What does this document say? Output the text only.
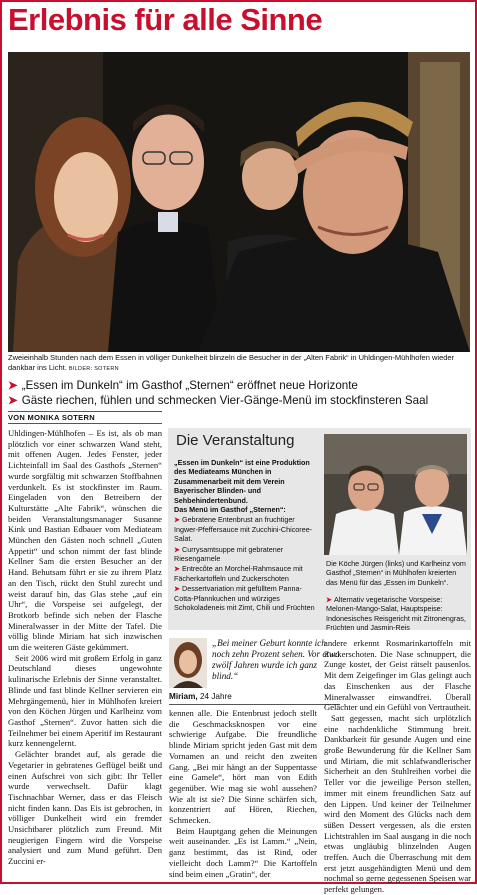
Erlebnis für alle Sinne
Zweieinhalb Stunden nach dem Essen in völliger Dunkelheit blinzeln die Besucher in der „Alten Fabrik“ in Uhldingen-Mühlhofen wieder dankbar ins Licht. BILDER: SOTERN
➤ „Essen im Dunkeln“ im Gasthof „Sternen“ eröffnet neue Horizonte
➤ Gäste riechen, fühlen und schmecken Vier-Gänge-Menü im stockfinsteren Saal
VON MONIKA SOTERN

Uhldingen-Mühlhofen – Es ist, als ob man plötzlich vor einer schwarzen Wand steht, mit offenen Augen. Jedes Fenster, jeder Lichteinfall im Saal des Gasthofs „Sternen“ wurde sorgfältig mit schwarzen Stoffbahnen verdunkelt. Es ist stockfinster im Raum. Eingeladen von den Betreibern der Kulturstätte „Alte Fabrik“, wünschen die beiden Veranstaltungsmanager Susanne Kink und Bastian Edbauer vom Mediateam München den Gästen noch schnell „Guten Appetit“ und schon nimmt der fast blinde Kellner Sam die ersten Besucher an der Hand. Behutsam führt er sie zu ihrem Platz an den Tisch, rückt den Stuhl zurecht und weist darauf hin, das Glas stehe „auf ein Uhr“, die Vorspeise sei aufgelegt, der Brotkorb befinde sich neben der Flasche Mineralwasser in der Mitte der Tafel. Die völlig blinde Miriam hat sich inzwischen um die weiteren Gäste gekümmert.

Seit 2006 wird mit großem Erfolg in ganz Deutschland dieses ungewohnte kulinarische Erlebnis der Sinne veranstaltet. Blinde und fast blinde Kellner servieren ein Mehrgängemenü, hier in Mühlhofen kreiert von den Köchen Jürgen und Karlheinz vom Gasthof „Sternen“. Zuvor hatten sich die Teilnehmer bei einem Aperitif im Restaurant kurz kennengelernt.

Gelächter brandet auf, als gerade die Vegetarier in gebratenes Geflügel beißt und einen Aufschrei von sich gibt: Ihr Teller wurde verwechselt. Dafür klagt Tischnachbar Werner, dass er das Fleisch nicht finden kann. Das Eis ist gebrochen, in völliger Dunkelheit wird ein fremder Unsichtbarer plötzlich zum Freund. Mit neugierigen Fingern wird die Vorspeise analysiert und zum Mund geführt. Den Zuccini er-

Die Veranstaltung
„Essen im Dunkeln“ ist eine Produktion des Mediateams München in Zusammenarbeit mit dem Verein Bayerischer Blinden- und Sehbehindertenbund.
Das Menü im Gasthof „Sternen“:
➤ Gebratene Entenbrust an fruchtiger Ingwer-Pfeffersauce mit Zucchini-Chicoree-Salat.
➤ Currysamtsuppe mit gebratener Riesengarnele
➤ Entrecôte an Morchel-Rahmsauce mit Fächerkartoffeln und Zuckerschoten
➤ Dessertvariation mit gefülltem Panna-Cotta-Pfannkuchen und würziges Schokoladeneis mit Zimt, Chili und Früchten
Die Köche Jürgen (links) und Karlheinz vom Gasthof „Sternen“ in Mühlhofen kreierten das Menü für das „Essen im Dunkeln“.
➤ Alternativ vegetarische Vorspeise: Melonen-Mango-Salat, Hauptspeise: Indonesisches Reisgericht mit Zitronengras, Früchten und Jasmin-Reis
„Bei meiner Geburt konnte ich noch zehn Prozent sehen. Vor etwa zwölf Jahren wurde ich ganz blind.“
Miriam, 24 Jahre

kennen alle. Die Entenbrust jedoch stellt die Geschmacksknospen vor eine schwierige Aufgabe. Die freundliche blinde Miriam spricht jeden Gast mit dem Vornamen an und reicht den zweiten Gang. „Bei mir hängt an der Suppentasse eine Gamele“, hört man von Edith gegenüber. Wie mag sie wohl aussehen? Wie alt ist sie? Die Sinne schärfen sich, konzentriert auf Hören, Riechen, Schmecken.

Beim Hauptgang gehen die Meinungen weit auseinander. „Es ist Lamm.“ „Nein, ganz bestimmt, das ist Rind, oder vielleicht doch Lamm?“ Die Kartoffeln sind beim einen „Gratin“, der

andere erkennt Rosmarinkartoffeln mit Zuckerschoten. Die Nase schnuppert, die Zunge kostet, der Geist rätselt pausenlos. Mit dem Zeigefinger im Glas gelingt auch das Einschenken aus der Flasche Mineralwasser einwandfrei. Überall Gelächter und ein Gefühl von Vertrautheit.

Satt gegessen, macht sich urplötzlich eine nachdenkliche Stimmung breit. Dankbarkeit für gesunde Augen und eine große Bewunderung für die Kellner Sam und Miriam, die mit schlafwandlerischer Sicherheit an den Stuhlreihen vorbei die Teller vor die jeweilige Person stellen, immer mit einem freundlichen Satz auf den Lippen. Und keiner der Teilnehmer wird den Moment des Glücks nach dem süßen Dessert vergessen, als die ersten Lichtstrahlen im Saal ausgang in die noch etwas ungläubig blinzelnden Augen treffen. Auch die Überraschung mit dem erst jetzt ausgehändigten Menü und dem nochmal so gerne gegessenen Speisen war perfekt gelungen.
